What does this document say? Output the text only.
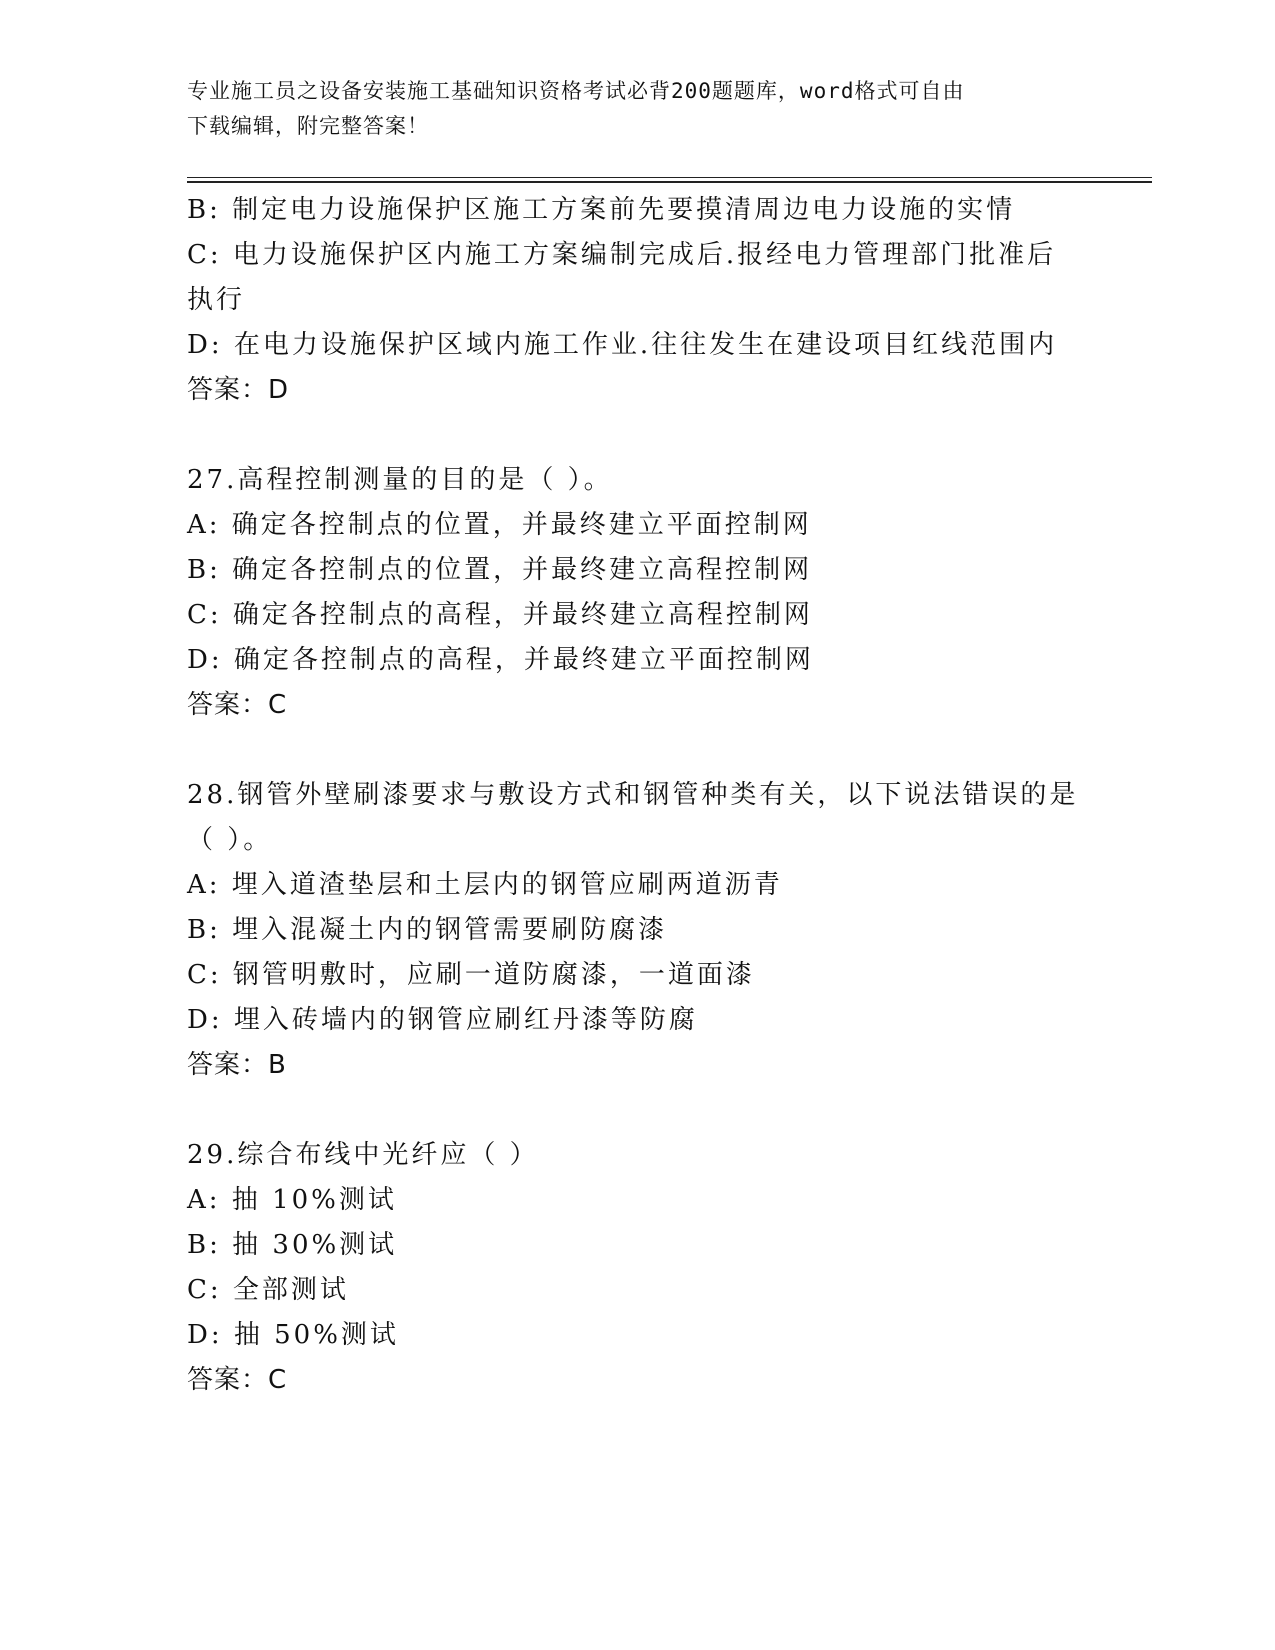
专业施工员之设备安装施工基础知识资格考试必背200题题库，word格式可自由
下载编辑，附完整答案！
B: 制定电力设施保护区施工方案前先要摸清周边电力设施的实情
C: 电力设施保护区内施工方案编制完成后.报经电力管理部门批准后
执行
D: 在电力设施保护区域内施工作业.往往发生在建设项目红线范围内
答案：D
27.高程控制测量的目的是（ ）。
A: 确定各控制点的位置，并最终建立平面控制网
B: 确定各控制点的位置，并最终建立高程控制网
C: 确定各控制点的高程，并最终建立高程控制网
D: 确定各控制点的高程，并最终建立平面控制网
答案：C
28.钢管外壁刷漆要求与敷设方式和钢管种类有关，以下说法错误的是
（ ）。
A: 埋入道渣垫层和土层内的钢管应刷两道沥青
B: 埋入混凝土内的钢管需要刷防腐漆
C: 钢管明敷时，应刷一道防腐漆，一道面漆
D: 埋入砖墙内的钢管应刷红丹漆等防腐
答案：B
29.综合布线中光纤应（ ）
A: 抽 10%测试
B: 抽 30%测试
C: 全部测试
D: 抽 50%测试
答案：C
